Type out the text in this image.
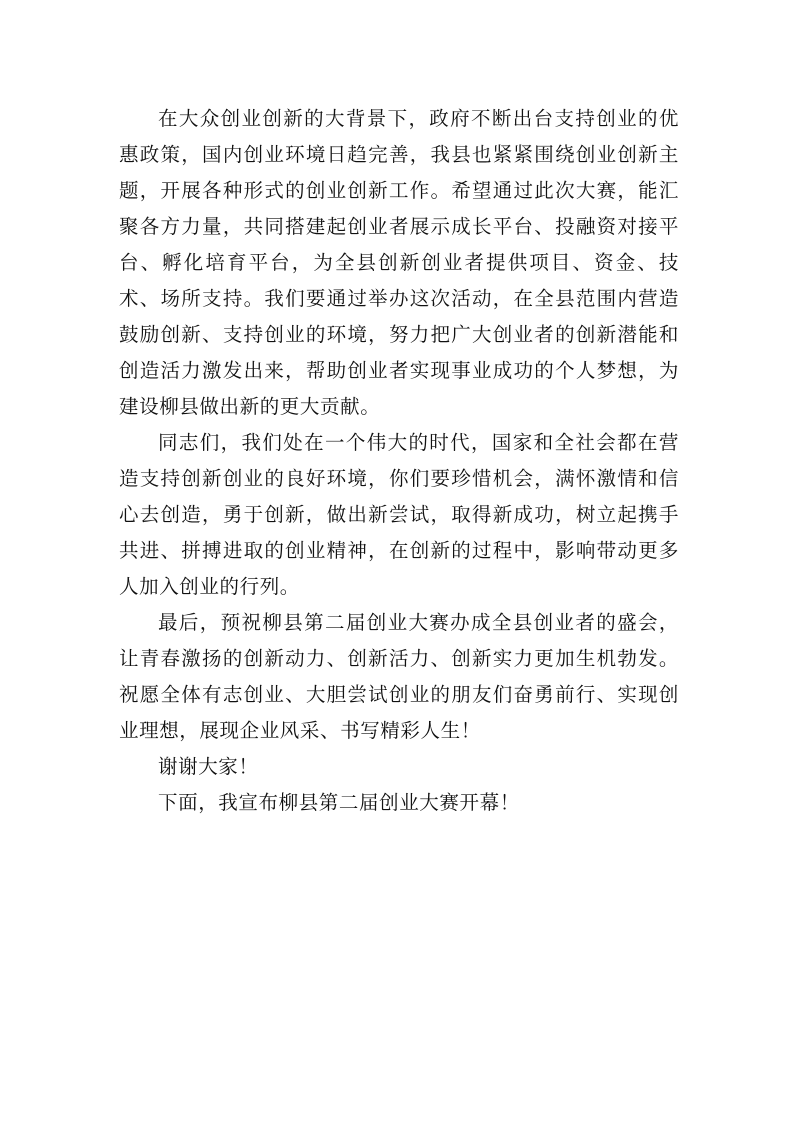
在大众创业创新的大背景下，政府不断出台支持创业的优惠政策，国内创业环境日趋完善，我县也紧紧围绕创业创新主题，开展各种形式的创业创新工作。希望通过此次大赛，能汇聚各方力量，共同搭建起创业者展示成长平台、投融资对接平台、孵化培育平台，为全县创新创业者提供项目、资金、技术、场所支持。我们要通过举办这次活动，在全县范围内营造鼓励创新、支持创业的环境，努力把广大创业者的创新潜能和创造活力激发出来，帮助创业者实现事业成功的个人梦想，为建设柳县做出新的更大贡献。

同志们，我们处在一个伟大的时代，国家和全社会都在营造支持创新创业的良好环境，你们要珍惜机会，满怀激情和信心去创造，勇于创新，做出新尝试，取得新成功，树立起携手共进、拼搏进取的创业精神，在创新的过程中，影响带动更多人加入创业的行列。

最后，预祝柳县第二届创业大赛办成全县创业者的盛会，让青春激扬的创新动力、创新活力、创新实力更加生机勃发。祝愿全体有志创业、大胆尝试创业的朋友们奋勇前行、实现创业理想，展现企业风采、书写精彩人生！

谢谢大家！

下面，我宣布柳县第二届创业大赛开幕！
